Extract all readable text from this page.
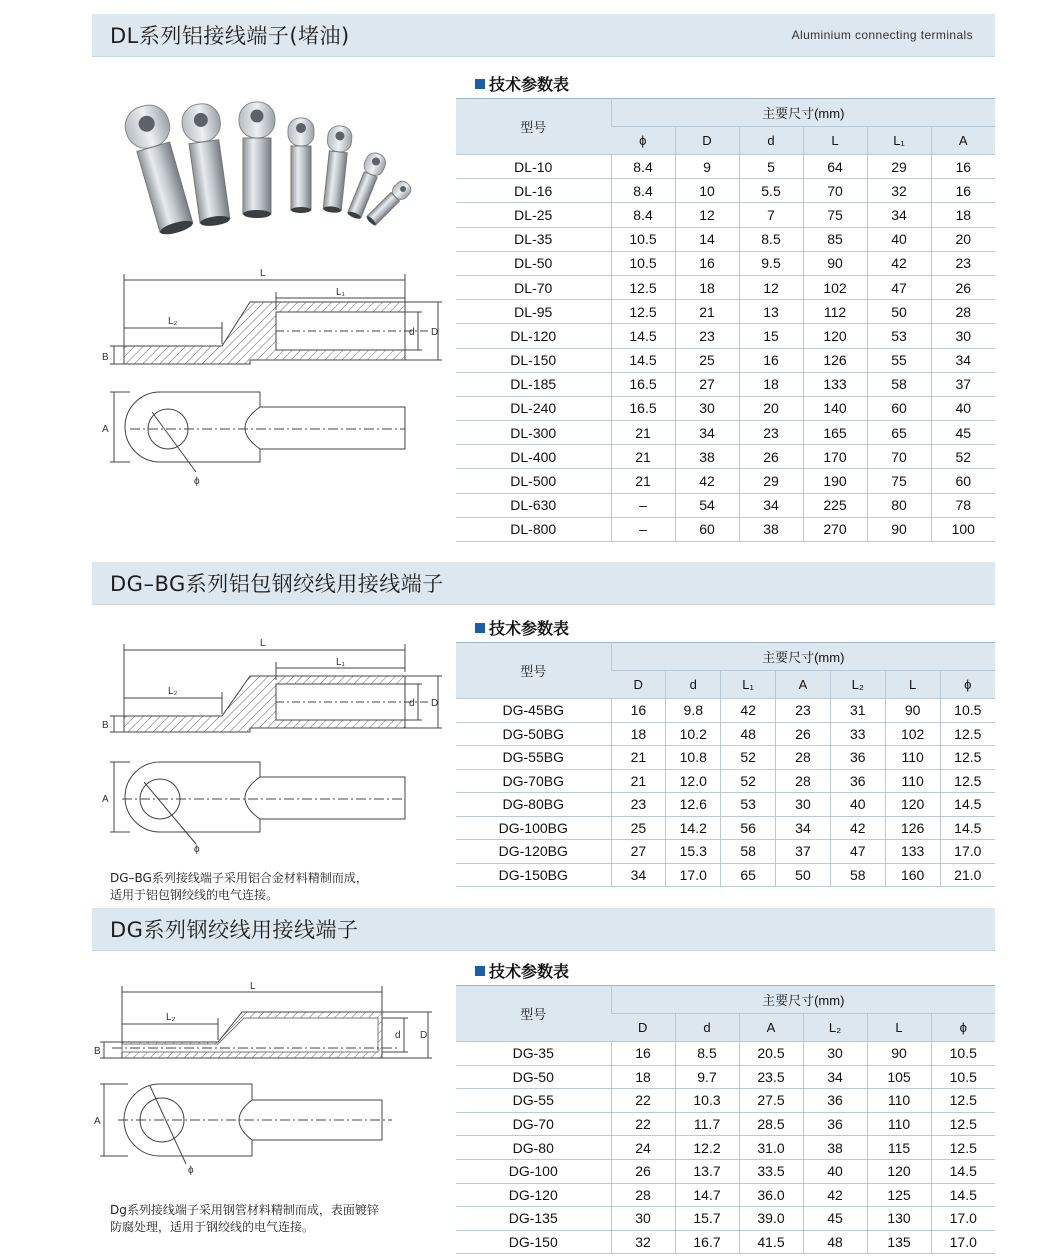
DL系列铝接线端子(堵油)	Aluminium connecting terminals
L
L₁
L₂
B
d D
A
ϕ
技术参数表
型号	主要尺寸(mm)					
	ϕ	D	d	L	L₁	A
DL-10	8.4	9	5	64	29	16
DL-16	8.4	10	5.5	70	32	16
DL-25	8.4	12	7	75	34	18
DL-35	10.5	14	8.5	85	40	20
DL-50	10.5	16	9.5	90	42	23
DL-70	12.5	18	12	102	47	26
DL-95	12.5	21	13	112	50	28
DL-120	14.5	23	15	120	53	30
DL-150	14.5	25	16	126	55	34
DL-185	16.5	27	18	133	58	37
DL-240	16.5	30	20	140	60	40
DL-300	21	34	23	165	65	45
DL-400	21	38	26	170	70	52
DL-500	21	42	29	190	75	60
DL-630	–	54	34	225	80	78
DL-800	–	60	38	270	90	100
DG–BG系列铝包钢绞线用接线端子
L
L₁
L₂
B
d D
A
ϕ
DG–BG系列接线端子采用铝合金材料精制而成，
适用于铝包钢绞线的电气连接。
技术参数表
型号	主要尺寸(mm)						
	D	d	L₁	A	L₂	L	ϕ
DG-45BG	16	9.8	42	23	31	90	10.5
DG-50BG	18	10.2	48	26	33	102	12.5
DG-55BG	21	10.8	52	28	36	110	12.5
DG-70BG	21	12.0	52	28	36	110	12.5
DG-80BG	23	12.6	53	30	40	120	14.5
DG-100BG	25	14.2	56	34	42	126	14.5
DG-120BG	27	15.3	58	37	47	133	17.0
DG-150BG	34	17.0	65	50	58	160	21.0
DG系列钢绞线用接线端子
L
L₂
B
d D
A
ϕ
Dg系列接线端子采用钢管材料精制而成，表面镀锌
防腐处理，适用于钢绞线的电气连接。
技术参数表
型号	主要尺寸(mm)					
	D	d	A	L₂	L	ϕ
DG-35	16	8.5	20.5	30	90	10.5
DG-50	18	9.7	23.5	34	105	10.5
DG-55	22	10.3	27.5	36	110	12.5
DG-70	22	11.7	28.5	36	110	12.5
DG-80	24	12.2	31.0	38	115	12.5
DG-100	26	13.7	33.5	40	120	14.5
DG-120	28	14.7	36.0	42	125	14.5
DG-135	30	15.7	39.0	45	130	17.0
DG-150	32	16.7	41.5	48	135	17.0
